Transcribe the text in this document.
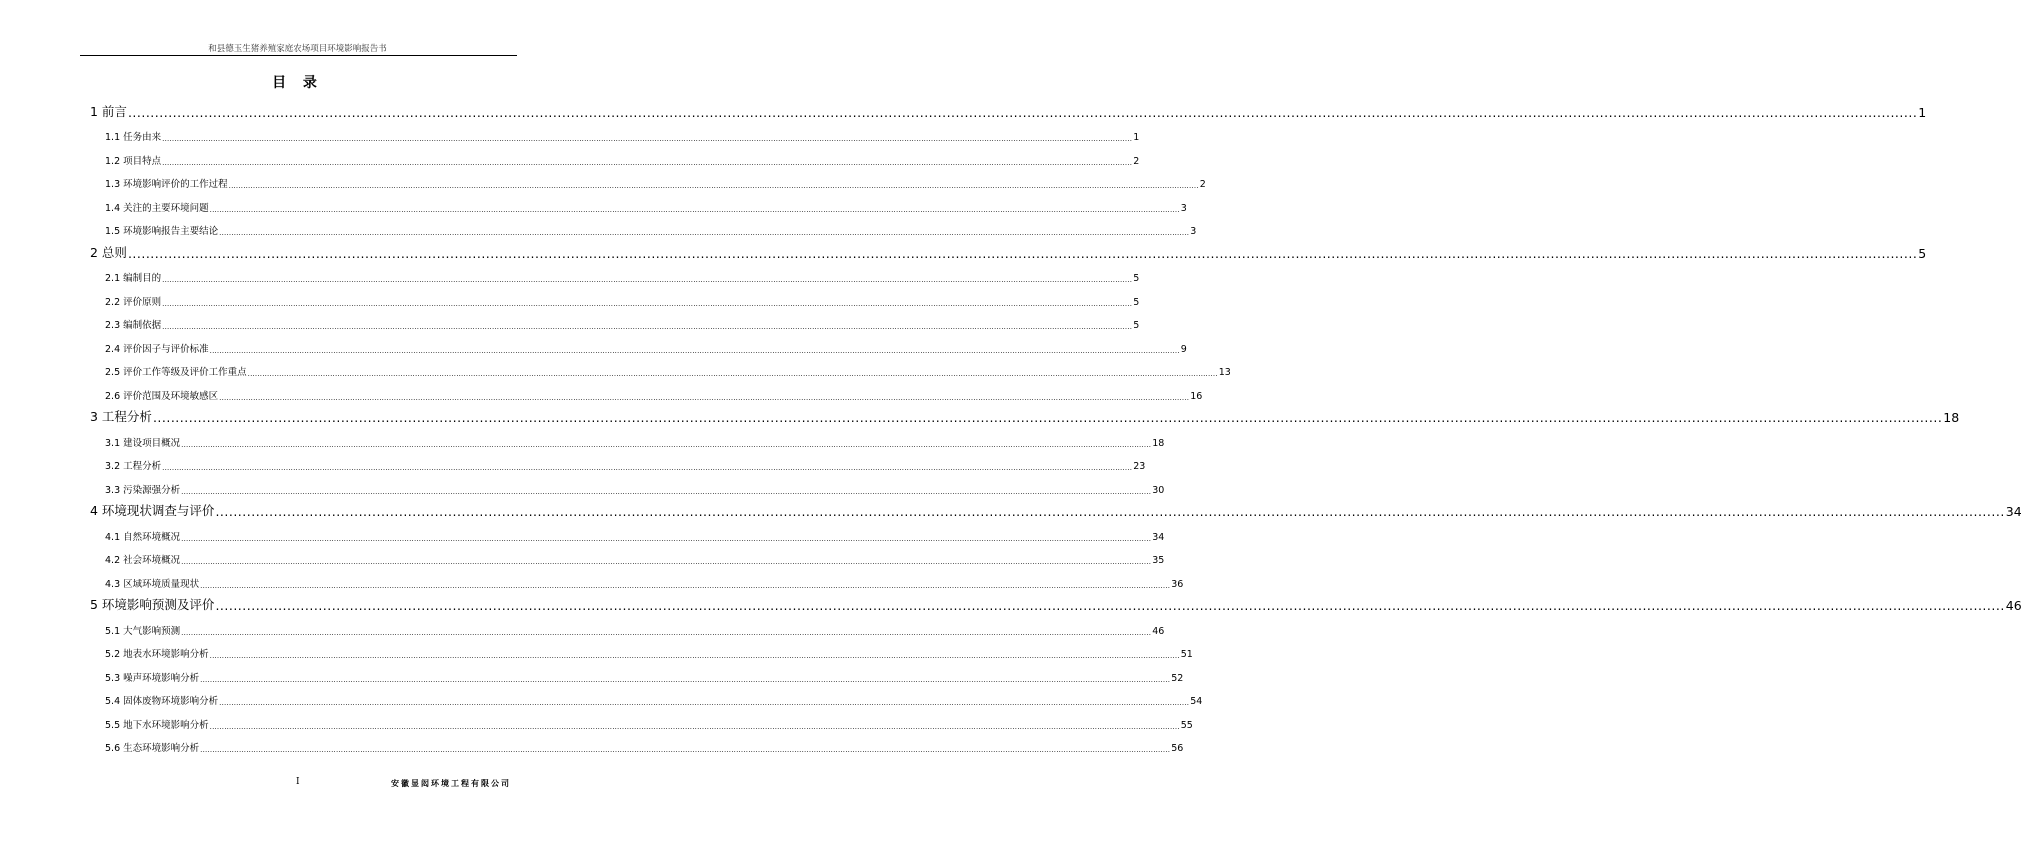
和县德玉生猪养殖家庭农场项目环境影响报告书
目 录
1 前言 ................................................................................................................................................................................................................................................................................................................................................................................................................ 1
1.1 任务由来 ................................................................................................................................................................................................................................................................................................................................................................................................................ 1
1.2 项目特点 ................................................................................................................................................................................................................................................................................................................................................................................................................ 2
1.3 环境影响评价的工作过程 ................................................................................................................................................................................................................................................................................................................................................................................................................ 2
1.4 关注的主要环境问题 ................................................................................................................................................................................................................................................................................................................................................................................................................ 3
1.5 环境影响报告主要结论 ................................................................................................................................................................................................................................................................................................................................................................................................................ 3
2 总则 ................................................................................................................................................................................................................................................................................................................................................................................................................ 5
2.1 编制目的 ................................................................................................................................................................................................................................................................................................................................................................................................................ 5
2.2 评价原则 ................................................................................................................................................................................................................................................................................................................................................................................................................ 5
2.3 编制依据 ................................................................................................................................................................................................................................................................................................................................................................................................................ 5
2.4 评价因子与评价标准 ................................................................................................................................................................................................................................................................................................................................................................................................................ 9
2.5 评价工作等级及评价工作重点 ................................................................................................................................................................................................................................................................................................................................................................................................................ 13
2.6 评价范围及环境敏感区 ................................................................................................................................................................................................................................................................................................................................................................................................................ 16
3 工程分析 ................................................................................................................................................................................................................................................................................................................................................................................................................ 18
3.1 建设项目概况 ................................................................................................................................................................................................................................................................................................................................................................................................................ 18
3.2 工程分析 ................................................................................................................................................................................................................................................................................................................................................................................................................ 23
3.3 污染源强分析 ................................................................................................................................................................................................................................................................................................................................................................................................................ 30
4 环境现状调查与评价 ................................................................................................................................................................................................................................................................................................................................................................................................................ 34
4.1 自然环境概况 ................................................................................................................................................................................................................................................................................................................................................................................................................ 34
4.2 社会环境概况 ................................................................................................................................................................................................................................................................................................................................................................................................................ 35
4.3 区域环境质量现状 ................................................................................................................................................................................................................................................................................................................................................................................................................ 36
5 环境影响预测及评价 ................................................................................................................................................................................................................................................................................................................................................................................................................ 46
5.1 大气影响预测 ................................................................................................................................................................................................................................................................................................................................................................................................................ 46
5.2 地表水环境影响分析 ................................................................................................................................................................................................................................................................................................................................................................................................................ 51
5.3 噪声环境影响分析 ................................................................................................................................................................................................................................................................................................................................................................................................................ 52
5.4 固体废物环境影响分析 ................................................................................................................................................................................................................................................................................................................................................................................................................ 54
5.5 地下水环境影响分析 ................................................................................................................................................................................................................................................................................................................................................................................................................ 55
5.6 生态环境影响分析 ................................................................................................................................................................................................................................................................................................................................................................................................................ 56
I	安徽显闳环境工程有限公司
